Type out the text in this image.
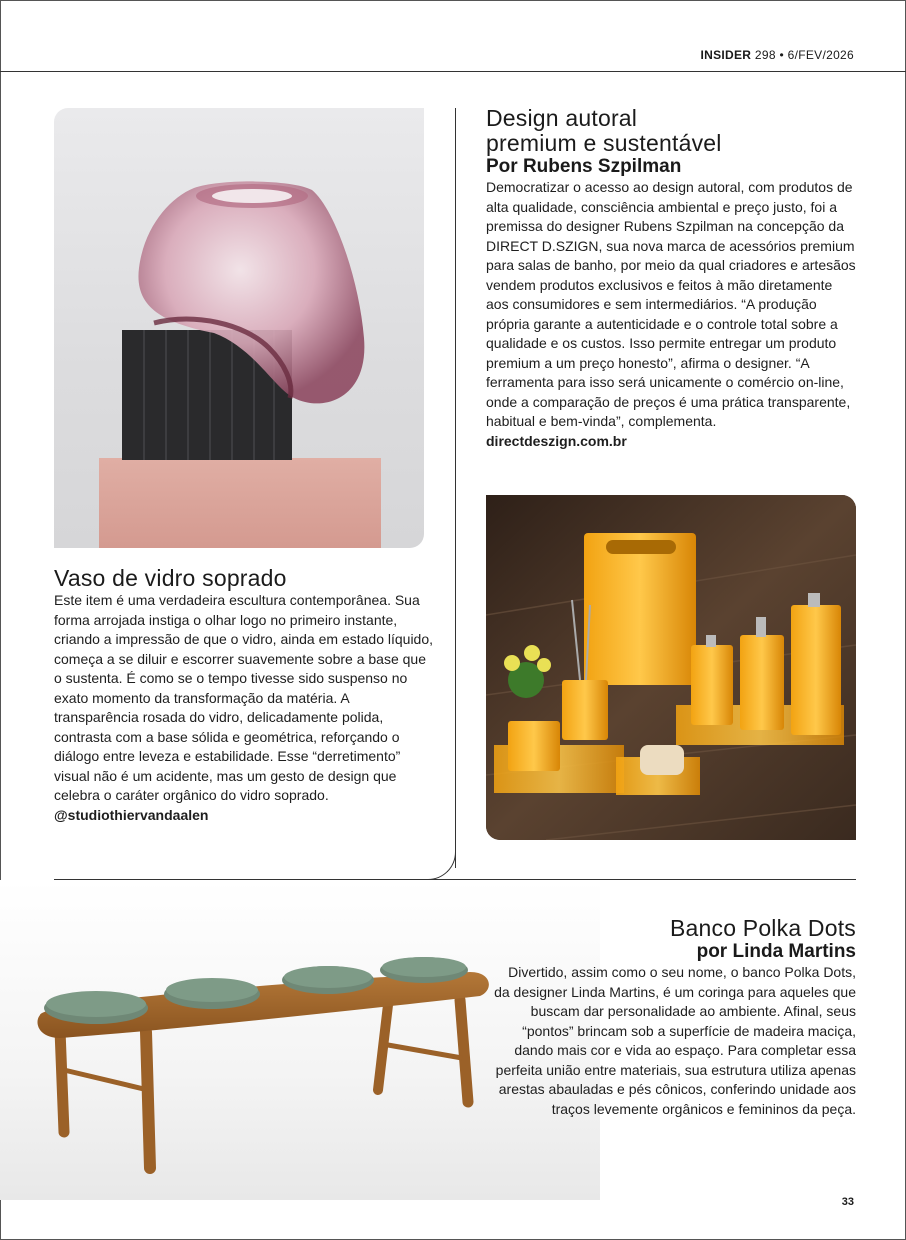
INSIDER 298 • 6/FEV/2026
Vaso de vidro soprado

Este item é uma verdadeira escultura contemporânea. Sua forma arrojada instiga o olhar logo no primeiro instante, criando a impressão de que o vidro, ainda em estado líquido, começa a se diluir e escorrer suavemente sobre a base que o sustenta. É como se o tempo tivesse sido suspenso no exato momento da transformação da matéria. A transparência rosada do vidro, delicadamente polida, contrasta com a base sólida e geométrica, reforçando o diálogo entre leveza e estabilidade. Esse “derretimento” visual não é um acidente, mas um gesto de design que celebra o caráter orgânico do vidro soprado.

@studiothiervandaalen

Design autoral
premium e sustentável
Por Rubens Szpilman

Democratizar o acesso ao design autoral, com produtos de alta qualidade, consciência ambiental e preço justo, foi a premissa do designer Rubens Szpilman na concepção da DIRECT D.SZIGN, sua nova marca de acessórios premium para salas de banho, por meio da qual criadores e artesãos vendem produtos exclusivos e feitos à mão diretamente aos consumidores e sem intermediários. “A produção própria garante a autenticidade e o controle total sobre a qualidade e os custos. Isso permite entregar um produto premium a um preço honesto”, afirma o designer. “A ferramenta para isso será unicamente o comércio on-line, onde a comparação de preços é uma prática transparente, habitual e bem-vinda”, complementa. directdeszign.com.br

Banco Polka Dots
por Linda Martins

Divertido, assim como o seu nome, o banco Polka Dots, da designer Linda Martins, é um coringa para aqueles que buscam dar personalidade ao ambiente. Afinal, seus “pontos” brincam sob a superfície de madeira maciça, dando mais cor e vida ao espaço. Para completar essa perfeita união entre materiais, sua estrutura utiliza apenas arestas abauladas e pés cônicos, conferindo unidade aos traços levemente orgânicos e femininos da peça.

33
